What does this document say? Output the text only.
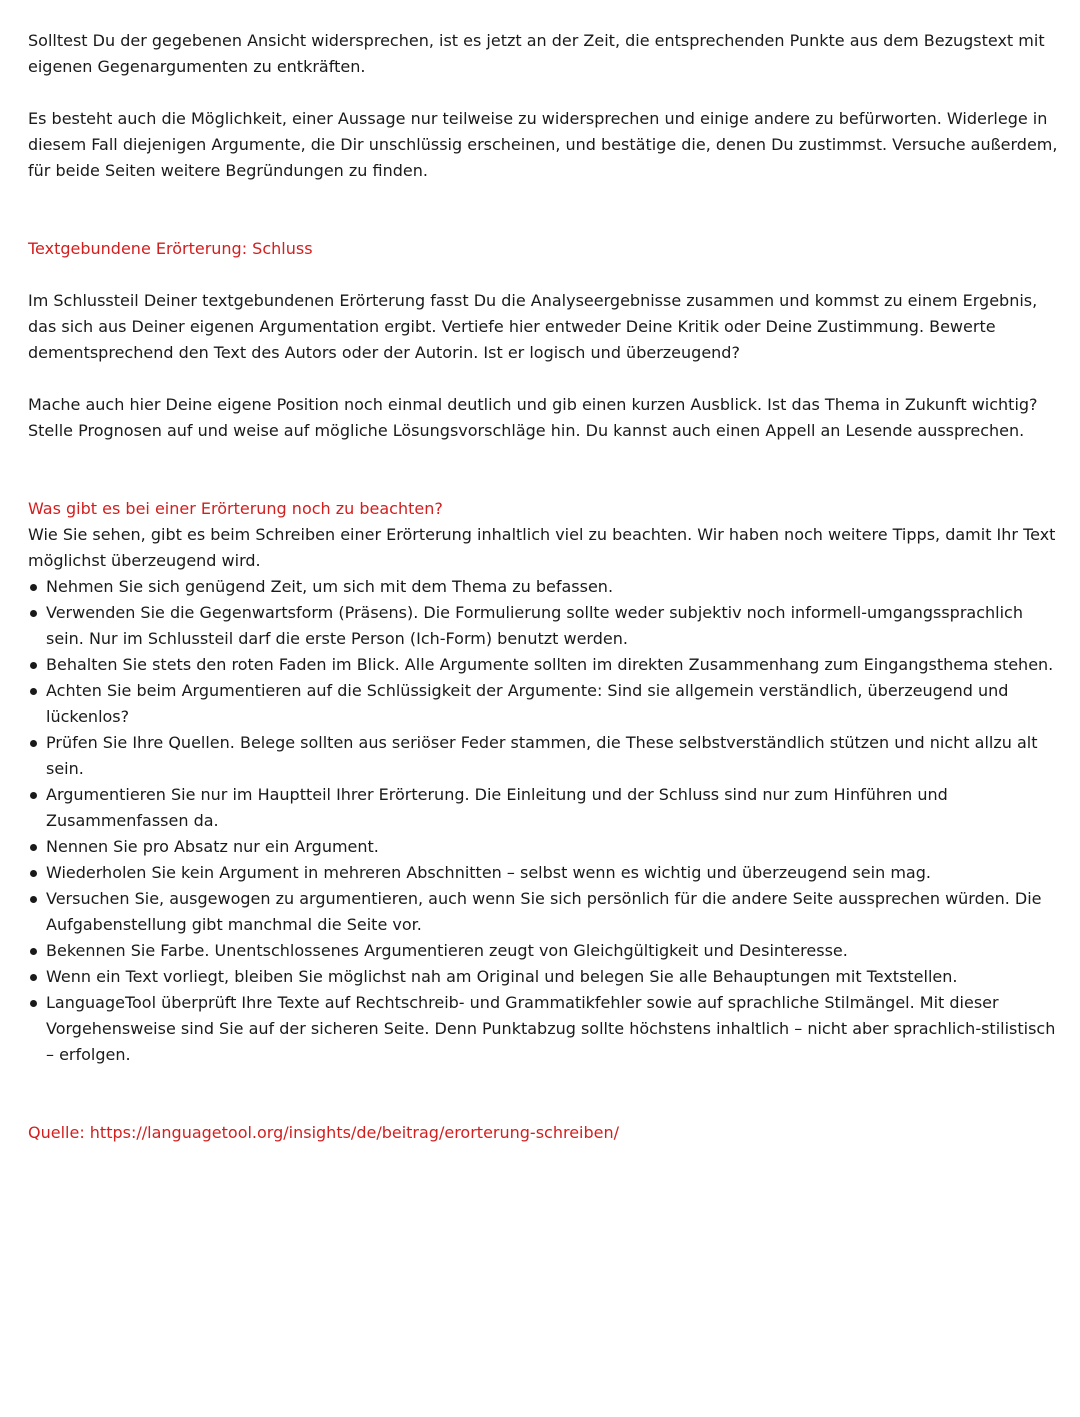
Solltest Du der gegebenen Ansicht widersprechen, ist es jetzt an der Zeit, die entsprechenden Punkte aus dem Bezugstext mit eigenen Gegenargumenten zu entkräften.

Es besteht auch die Möglichkeit, einer Aussage nur teilweise zu widersprechen und einige andere zu befürworten. Widerlege in diesem Fall diejenigen Argumente, die Dir unschlüssig erscheinen, und bestätige die, denen Du zustimmst. Versuche außerdem, für beide Seiten weitere Begründungen zu finden.

Textgebundene Erörterung: Schluss

Im Schlussteil Deiner textgebundenen Erörterung fasst Du die Analyseergebnisse zusammen und kommst zu einem Ergebnis, das sich aus Deiner eigenen Argumentation ergibt. Vertiefe hier entweder Deine Kritik oder Deine Zustimmung. Bewerte dementsprechend den Text des Autors oder der Autorin. Ist er logisch und überzeugend?

Mache auch hier Deine eigene Position noch einmal deutlich und gib einen kurzen Ausblick. Ist das Thema in Zukunft wichtig? Stelle Prognosen auf und weise auf mögliche Lösungsvorschläge hin. Du kannst auch einen Appell an Lesende aussprechen.

Was gibt es bei einer Erörterung noch zu beachten?

Wie Sie sehen, gibt es beim Schreiben einer Erörterung inhaltlich viel zu beachten. Wir haben noch weitere Tipps, damit Ihr Text möglichst überzeugend wird.

Nehmen Sie sich genügend Zeit, um sich mit dem Thema zu befassen.
Verwenden Sie die Gegenwartsform (Präsens). Die Formulierung sollte weder subjektiv noch informell-umgangssprachlich sein. Nur im Schlussteil darf die erste Person (Ich-Form) benutzt werden.
Behalten Sie stets den roten Faden im Blick. Alle Argumente sollten im direkten Zusammenhang zum Eingangsthema stehen.
Achten Sie beim Argumentieren auf die Schlüssigkeit der Argumente: Sind sie allgemein verständlich, überzeugend und lückenlos?
Prüfen Sie Ihre Quellen. Belege sollten aus seriöser Feder stammen, die These selbstverständlich stützen und nicht allzu alt sein.
Argumentieren Sie nur im Hauptteil Ihrer Erörterung. Die Einleitung und der Schluss sind nur zum Hinführen und Zusammenfassen da.
Nennen Sie pro Absatz nur ein Argument.
Wiederholen Sie kein Argument in mehreren Abschnitten – selbst wenn es wichtig und überzeugend sein mag.
Versuchen Sie, ausgewogen zu argumentieren, auch wenn Sie sich persönlich für die andere Seite aussprechen würden. Die Aufgabenstellung gibt manchmal die Seite vor.
Bekennen Sie Farbe. Unentschlossenes Argumentieren zeugt von Gleichgültigkeit und Desinteresse.
Wenn ein Text vorliegt, bleiben Sie möglichst nah am Original und belegen Sie alle Behauptungen mit Textstellen.
LanguageTool überprüft Ihre Texte auf Rechtschreib- und Grammatikfehler sowie auf sprachliche Stilmängel. Mit dieser Vorgehensweise sind Sie auf der sicheren Seite. Denn Punktabzug sollte höchstens inhaltlich – nicht aber sprachlich-stilistisch – erfolgen.

Quelle: https://languagetool.org/insights/de/beitrag/erorterung-schreiben/
